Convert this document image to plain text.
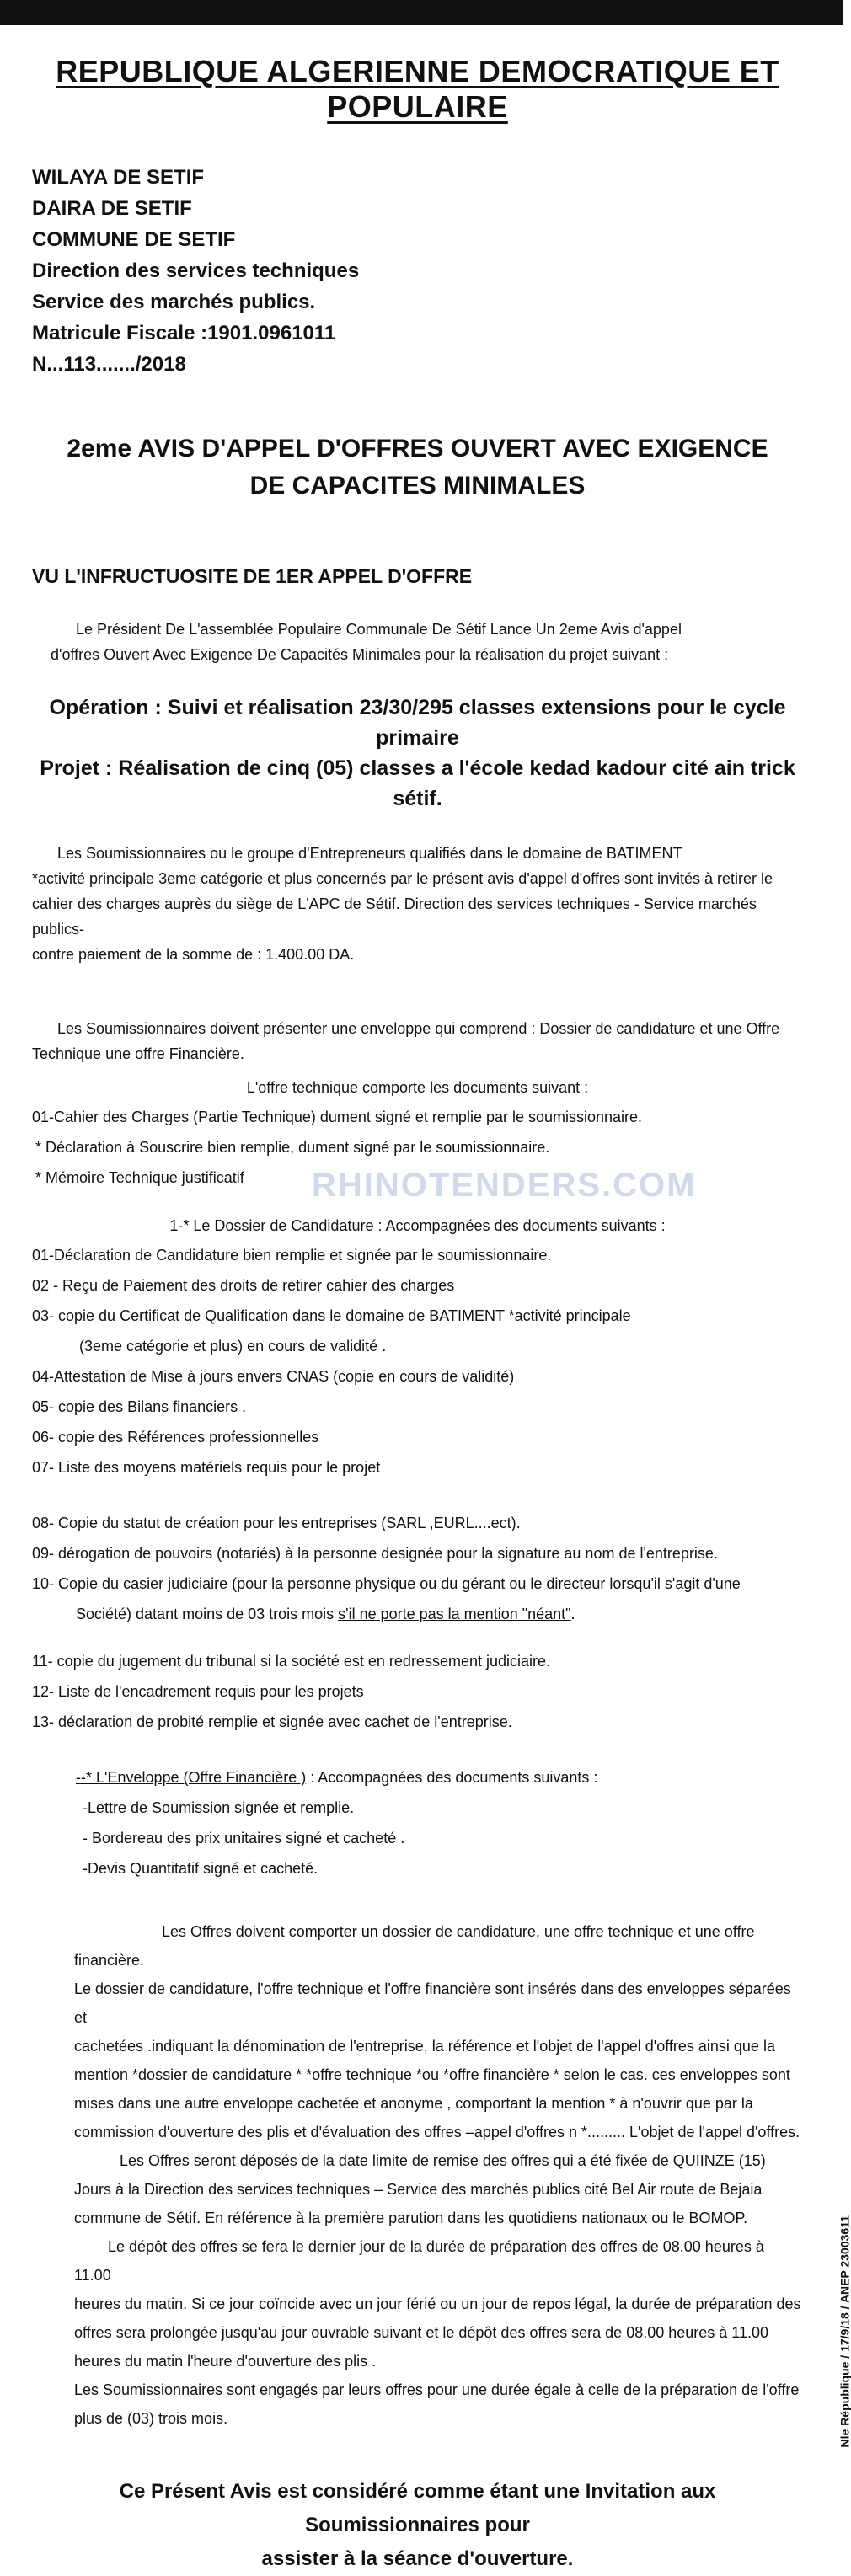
RHINOTENDERS.COM
REPUBLIQUE ALGERIENNE DEMOCRATIQUE ET POPULAIRE
WILAYA DE SETIF
DAIRA DE SETIF
COMMUNE DE SETIF
Direction des services techniques
Service des marchés publics.
Matricule Fiscale :1901.0961011
N...113......./2018
2eme AVIS D'APPEL D'OFFRES OUVERT AVEC EXIGENCE
DE CAPACITES MINIMALES
VU L'INFRUCTUOSITE DE 1ER APPEL D'OFFRE
Le Président De L'assemblée Populaire Communale De Sétif Lance Un 2eme Avis d'appel
d'offres Ouvert Avec Exigence De Capacités Minimales pour la réalisation du projet suivant :
Opération : Suivi et réalisation 23/30/295 classes extensions pour le cycle primaire
Projet : Réalisation de cinq (05) classes a l'école kedad kadour cité ain trick sétif.
Les Soumissionnaires ou le groupe d'Entrepreneurs qualifiés dans le domaine de BATIMENT
*activité principale 3eme catégorie et plus concernés par le présent avis d'appel d'offres sont invités à retirer le
cahier des charges auprès du siège de L'APC de Sétif. Direction des services techniques - Service marchés publics-
contre paiement de la somme de : 1.400.00 DA.
Les Soumissionnaires doivent présenter une enveloppe qui comprend : Dossier de candidature et une Offre
Technique une offre Financière.
L'offre technique comporte les documents suivant :
01-Cahier des Charges (Partie Technique) dument signé et remplie par le soumissionnaire.
* Déclaration à Souscrire bien remplie, dument signé par le soumissionnaire.
* Mémoire Technique justificatif
1-* Le Dossier de Candidature : Accompagnées des documents suivants :
01-Déclaration de Candidature bien remplie et signée par le soumissionnaire.
02 - Reçu de Paiement des droits de retirer cahier des charges
03- copie du Certificat de Qualification dans le domaine de BATIMENT *activité principale
(3eme catégorie et plus) en cours de validité .
04-Attestation de Mise à jours envers CNAS (copie en cours de validité)
05- copie des Bilans financiers .
06- copie des Références professionnelles
07- Liste des moyens matériels requis pour le projet
08- Copie du statut de création pour les entreprises (SARL ,EURL....ect).
09- dérogation de pouvoirs (notariés) à la personne designée pour la signature au nom de l'entreprise.
10- Copie du casier judiciaire (pour la personne physique ou du gérant ou le directeur lorsqu'il s'agit d'une
Société) datant moins de 03 trois mois s'il ne porte pas la mention "néant".
11- copie du jugement du tribunal si la société est en redressement judiciaire.
12- Liste de l'encadrement requis pour les projets
13- déclaration de probité remplie et signée avec cachet de l'entreprise.
--* L'Enveloppe (Offre Financière ) : Accompagnées des documents suivants :
-Lettre de Soumission signée et remplie.
- Bordereau des prix unitaires signé et cacheté .
-Devis Quantitatif signé et cacheté.
Les Offres doivent comporter un dossier de candidature, une offre technique et une offre financière.
Le dossier de candidature, l'offre technique et l'offre financière sont insérés dans des enveloppes séparées et
cachetées .indiquant la dénomination de l'entreprise, la référence et l'objet de l'appel d'offres ainsi que la
mention *dossier de candidature * *offre technique *ou *offre financière * selon le cas. ces enveloppes sont
mises dans une autre enveloppe cachetée et anonyme , comportant la mention * à n'ouvrir que par la
commission d'ouverture des plis et d'évaluation des offres –appel d'offres n *......... L'objet de l'appel d'offres.
Les Offres seront déposés de la date limite de remise des offres qui a été fixée de QUIINZE (15)
Jours à la Direction des services techniques – Service des marchés publics cité Bel Air route de Bejaia
commune de Sétif. En référence à la première parution dans les quotidiens nationaux ou le BOMOP.
Le dépôt des offres se fera le dernier jour de la durée de préparation des offres de 08.00 heures à 11.00
heures du matin. Si ce jour coïncide avec un jour férié ou un jour de repos légal, la durée de préparation des
offres sera prolongée jusqu'au jour ouvrable suivant et le dépôt des offres sera de 08.00 heures à 11.00
heures du matin l'heure d'ouverture des plis .
Les Soumissionnaires sont engagés par leurs offres pour une durée égale à celle de la préparation de l'offre
plus de (03) trois mois.
Ce Présent Avis est considéré comme étant une Invitation aux Soumissionnaires pour
assister à la séance d'ouverture.
Nle République / 17/9/18 / ANEP 23003611
